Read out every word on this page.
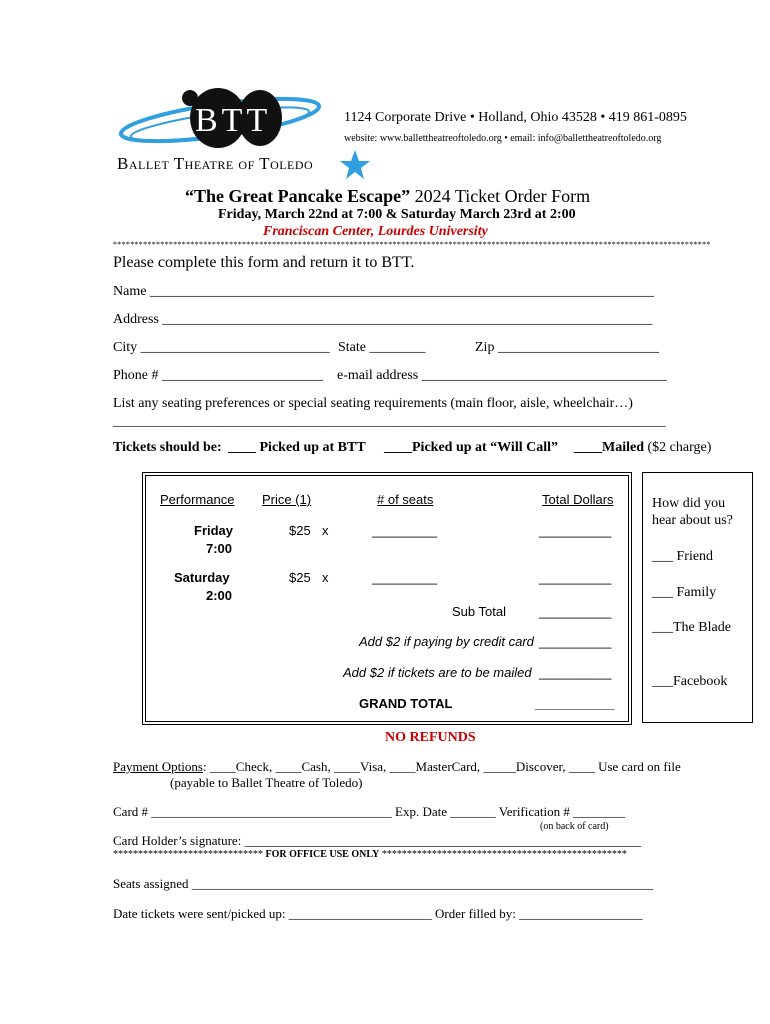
BTT
Ballet Theatre of Toledo
1124 Corporate Drive • Holland, Ohio 43528 • 419 861-0895
website: www.ballettheatreoftoledo.org • email: info@ballettheatreoftoledo.org
“The Great Pancake Escape” 2024 Ticket Order Form
Friday, March 22nd at 7:00 & Saturday March 23rd at 2:00
Franciscan Center, Lourdes University
*******************************************************************************************************************************************
Please complete this form and return it to BTT.
Name ________________________________________________________________________
Address ______________________________________________________________________
City ___________________________ State ________	Zip _______________________
Phone # _______________________ e-mail address ___________________________________
List any seating preferences or special seating requirements (main floor, aisle, wheelchair…)
_____________________________________________________________________________________
Tickets should be: ____ Picked up at BTT ____Picked up at “Will Call” ____Mailed ($2 charge)
Performance Price (1)	# of seats	Total Dollars
Friday
7:00
$25 x	_________	__________
Saturday
2:00
$25 x	_________	__________
Sub Total	__________
Add $2 if paying by credit card __________
Add $2 if tickets are to be mailed __________
GRAND TOTAL	___________
How did you
hear about us?
___ Friend
___ Family
___The Blade
___Facebook
NO REFUNDS
Payment Options: ____Check, ____Cash, ____Visa, ____MasterCard, _____Discover, ____ Use card on file
(payable to Ballet Theatre of Toledo)
Card # _____________________________________ Exp. Date _______ Verification # ________
(on back of card)
Card Holder’s signature: _____________________________________________________________
****************************** FOR OFFICE USE ONLY *************************************************
Seats assigned _______________________________________________________________________
Date tickets were sent/picked up: ______________________ Order filled by: ___________________
